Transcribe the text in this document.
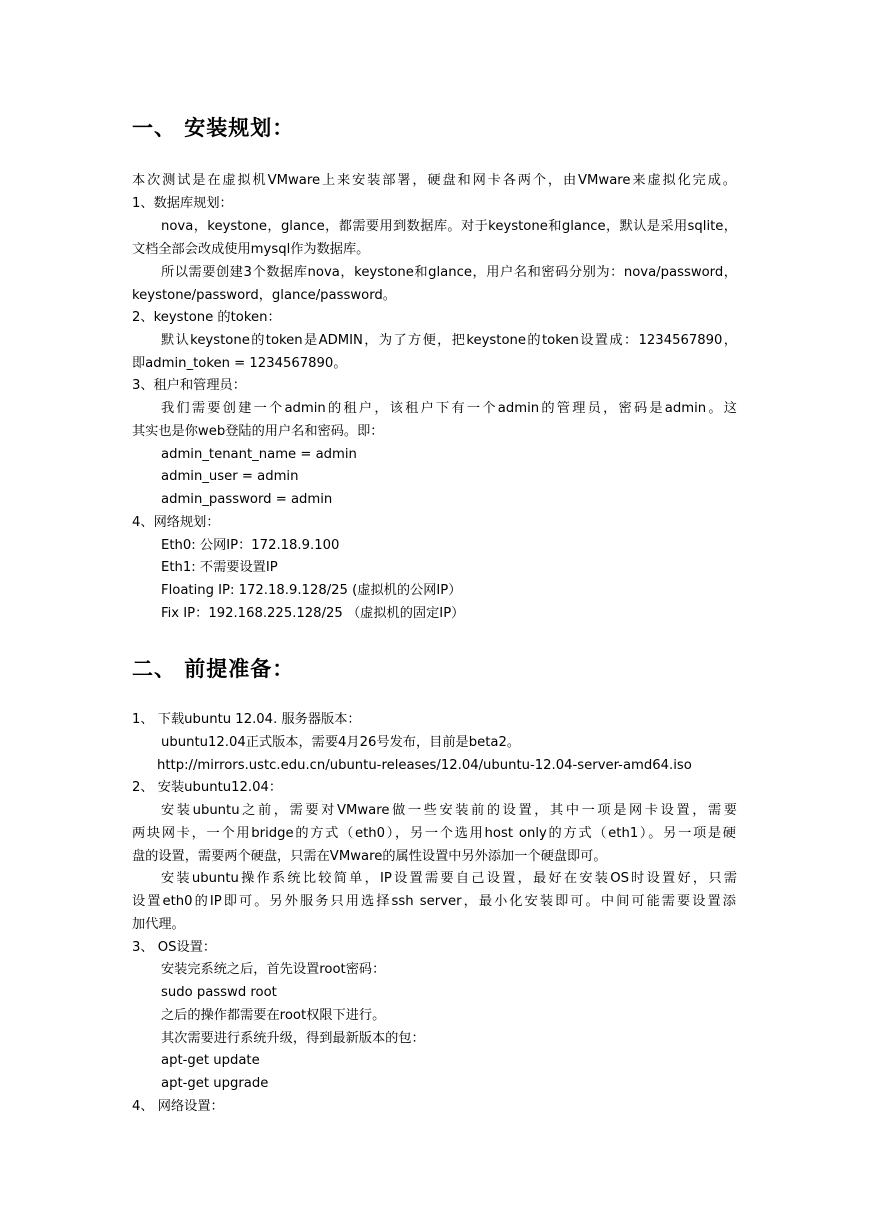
一、 安装规划：
本次测试是在虚拟机VMware上来安装部署，硬盘和网卡各两个，由VMware来虚拟化完成。
1、数据库规划：
nova，keystone，glance，都需要用到数据库。对于keystone和glance，默认是采用sqlite，
文档全部会改成使用mysql作为数据库。
所以需要创建3个数据库nova，keystone和glance，用户名和密码分别为：nova/password，
keystone/password，glance/password。
2、keystone 的token：
默认keystone的token是ADMIN，为了方便，把keystone的token设置成：1234567890，
即admin_token = 1234567890。
3、租户和管理员：
我们需要创建一个admin的租户，该租户下有一个admin的管理员，密码是admin。这
其实也是你web登陆的用户名和密码。即：
admin_tenant_name = admin
admin_user = admin
admin_password = admin
4、网络规划：
Eth0: 公网IP：172.18.9.100
Eth1: 不需要设置IP
Floating IP: 172.18.9.128/25 (虚拟机的公网IP）
Fix IP：192.168.225.128/25 （虚拟机的固定IP）
二、 前提准备：
1、 下载ubuntu 12.04. 服务器版本：
ubuntu12.04正式版本，需要4月26号发布，目前是beta2。
http://mirrors.ustc.edu.cn/ubuntu-releases/12.04/ubuntu-12.04-server-amd64.iso
2、 安装ubuntu12.04：
安装ubuntu之前，需要对VMware做一些安装前的设置，其中一项是网卡设置，需要
两块网卡，一个用bridge的方式（eth0），另一个选用host only的方式（eth1）。另一项是硬
盘的设置，需要两个硬盘，只需在VMware的属性设置中另外添加一个硬盘即可。
安装ubuntu操作系统比较简单，IP设置需要自己设置，最好在安装OS时设置好，只需
设置eth0的IP即可。另外服务只用选择ssh server，最小化安装即可。中间可能需要设置添
加代理。
3、 OS设置：
安装完系统之后，首先设置root密码：
sudo passwd root
之后的操作都需要在root权限下进行。
其次需要进行系统升级，得到最新版本的包：
apt-get update
apt-get upgrade
4、 网络设置：
